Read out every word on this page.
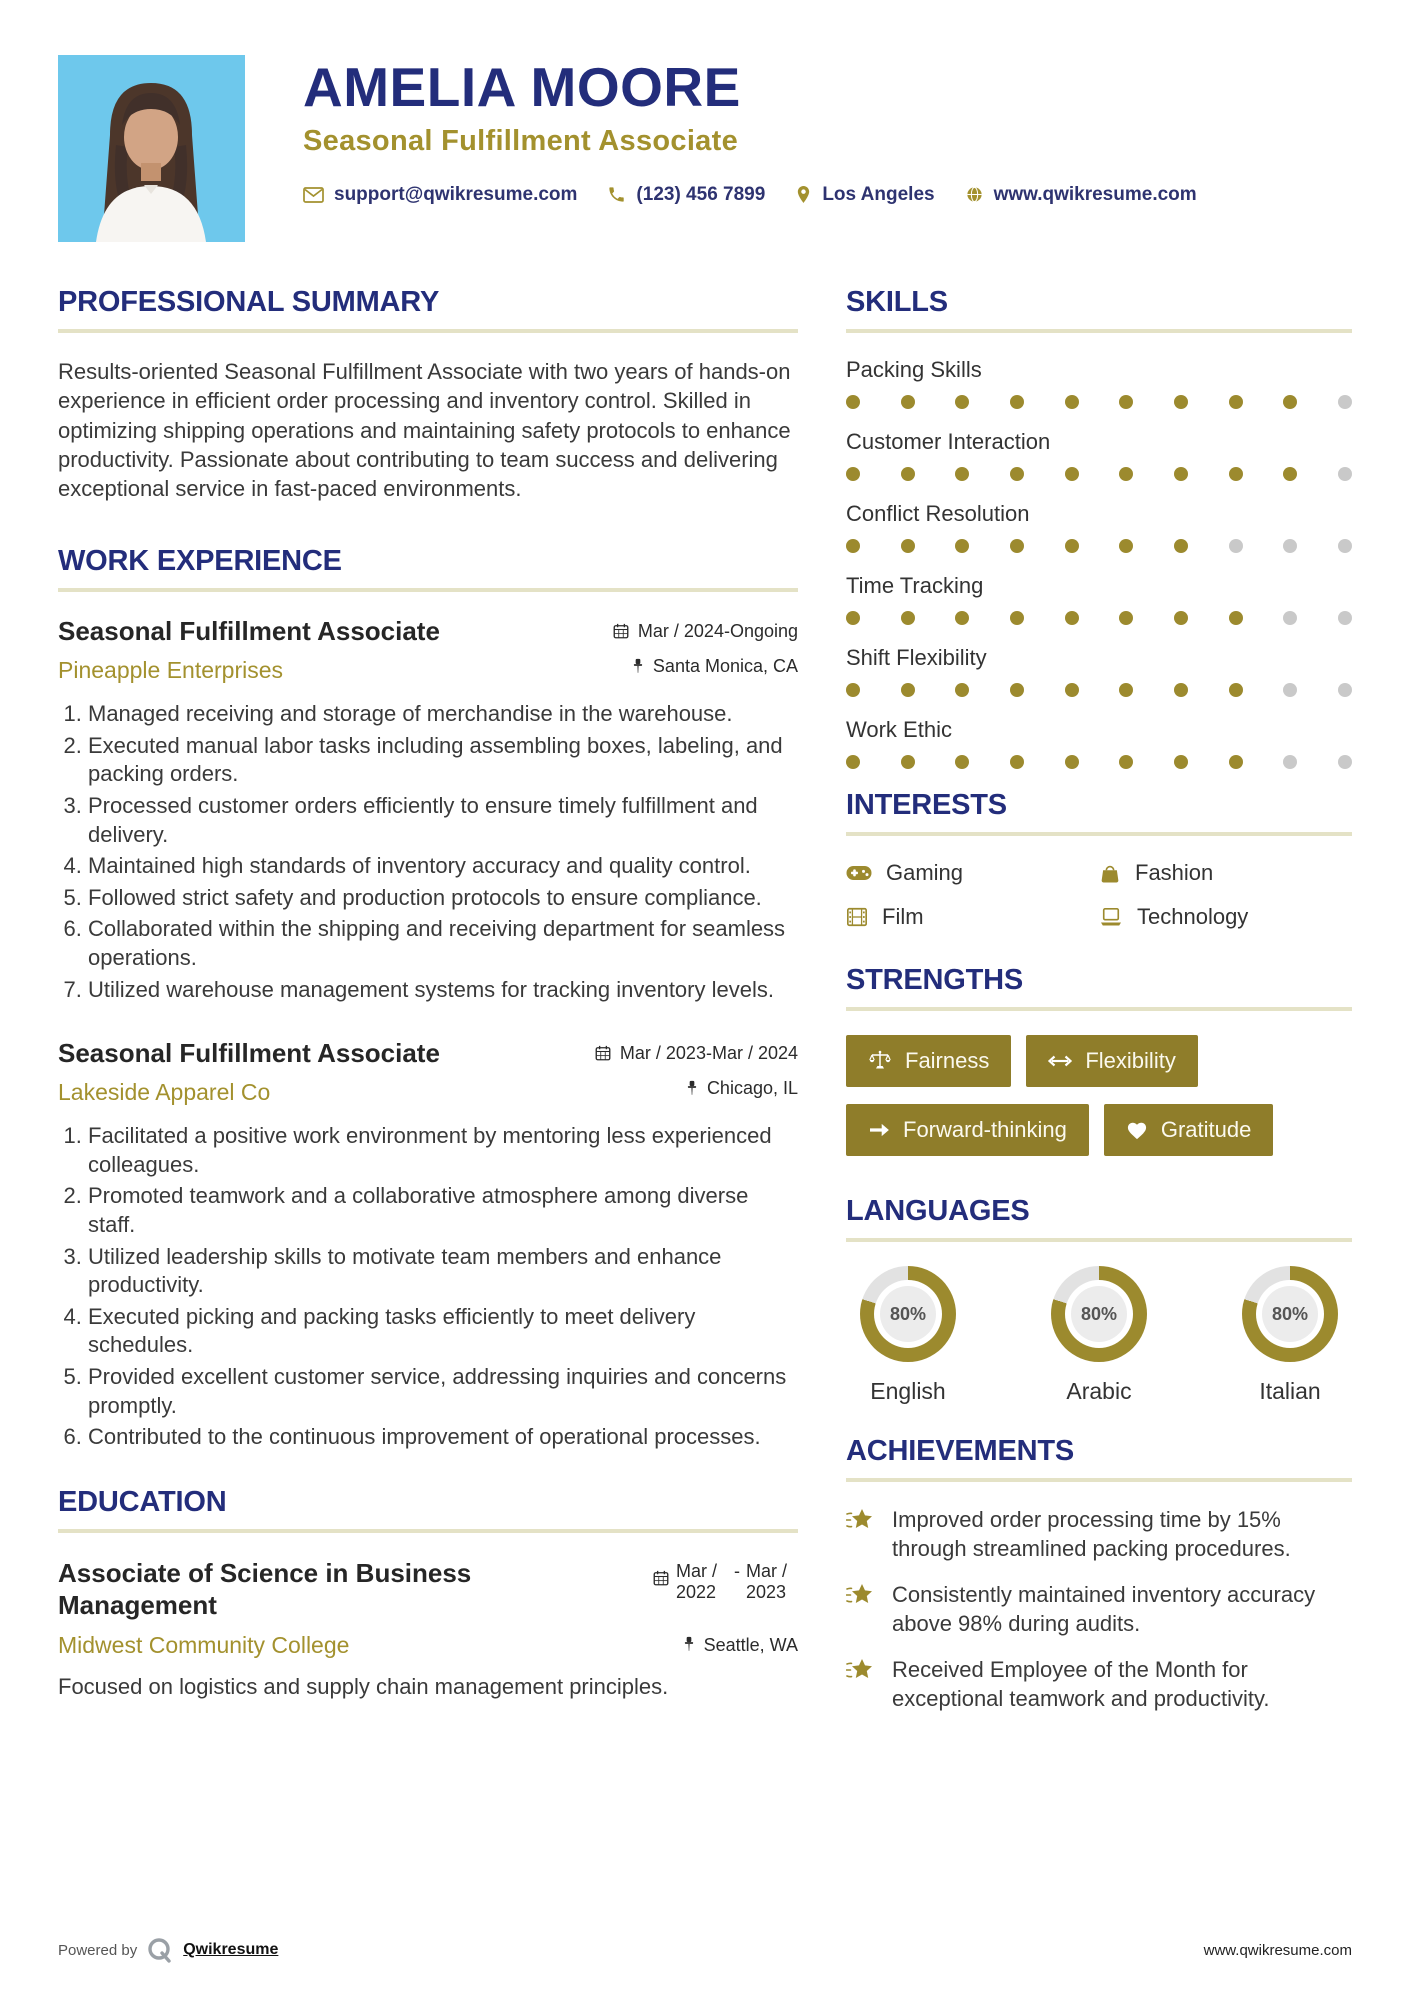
AMELIA MOORE
Seasonal Fulfillment Associate
support@qwikresume.com	(123) 456 7899	Los Angeles	www.qwikresume.com
PROFESSIONAL SUMMARY

Results-oriented Seasonal Fulfillment Associate with two years of hands-on experience in efficient order processing and inventory control. Skilled in optimizing shipping operations and maintaining safety protocols to enhance productivity. Passionate about contributing to team success and delivering exceptional service in fast-paced environments.

WORK EXPERIENCE
Seasonal Fulfillment Associate	Mar / 2024-Ongoing
Pineapple Enterprises	Santa Monica, CA
1. Managed receiving and storage of merchandise in the warehouse.
2. Executed manual labor tasks including assembling boxes, labeling, and packing orders.
3. Processed customer orders efficiently to ensure timely fulfillment and delivery.
4. Maintained high standards of inventory accuracy and quality control.
5. Followed strict safety and production protocols to ensure compliance.
6. Collaborated within the shipping and receiving department for seamless operations.
7. Utilized warehouse management systems for tracking inventory levels.
Seasonal Fulfillment Associate	Mar / 2023-Mar / 2024
Lakeside Apparel Co	Chicago, IL
1. Facilitated a positive work environment by mentoring less experienced colleagues.
2. Promoted teamwork and a collaborative atmosphere among diverse staff.
3. Utilized leadership skills to motivate team members and enhance productivity.
4. Executed picking and packing tasks efficiently to meet delivery schedules.
5. Provided excellent customer service, addressing inquiries and concerns promptly.
6. Contributed to the continuous improvement of operational processes.
EDUCATION
Associate of Science in Business Management
Mar / 2022
- Mar / 2023
Midwest Community College	Seattle, WA

Focused on logistics and supply chain management principles.

SKILLS
Packing Skills
Customer Interaction
Conflict Resolution
Time Tracking
Shift Flexibility
Work Ethic
INTERESTS
Gaming	Fashion
Film	Technology
STRENGTHS
Fairness	Flexibility
Forward-thinking	Gratitude
LANGUAGES
80%
English
80%
Arabic
80%
Italian
ACHIEVEMENTS
Improved order processing time by 15% through streamlined packing procedures.
Consistently maintained inventory accuracy above 98% during audits.
Received Employee of the Month for exceptional teamwork and productivity.
Powered by	Qwikresume	www.qwikresume.com
